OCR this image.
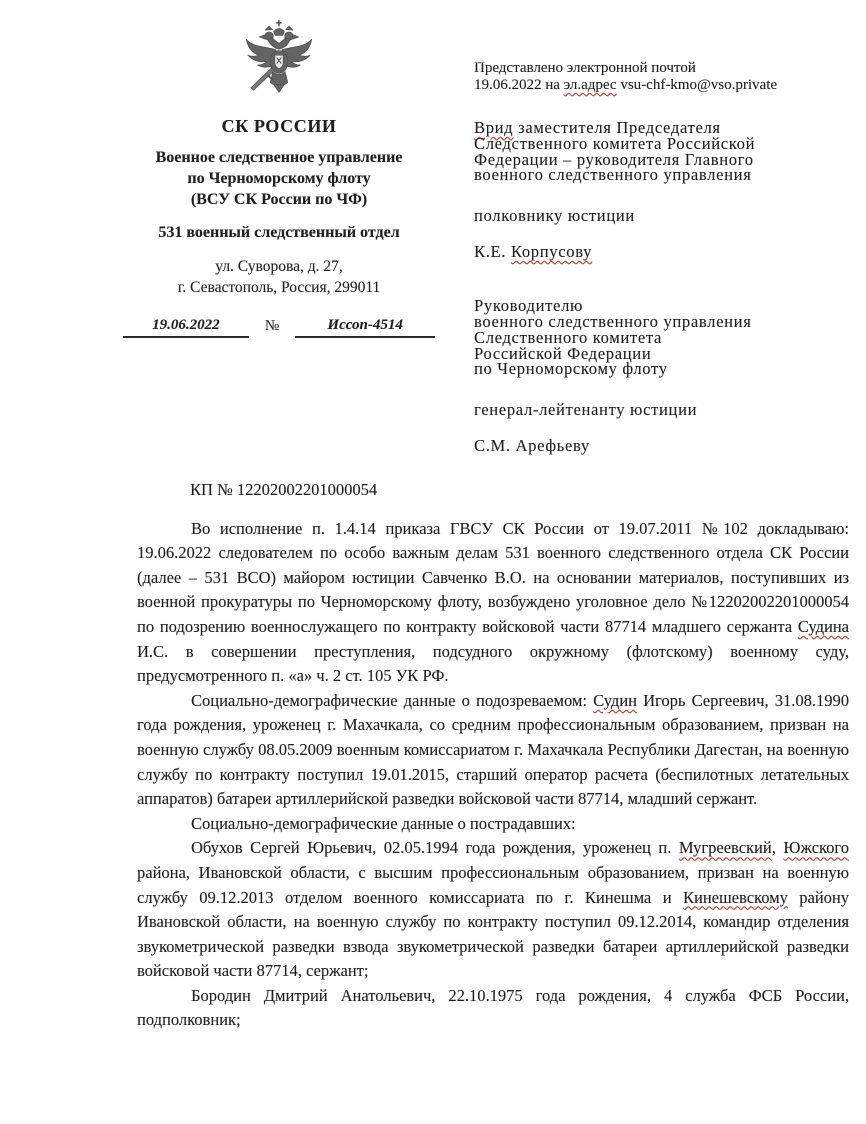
СК РОССИИ
Военное следственное управление
по Черноморскому флоту
(ВСУ СК России по ЧФ)
531 военный следственный отдел
ул. Суворова, д. 27,
г. Севастополь, Россия, 299011
19.06.2022	№	Иссоп-4514
Представлено электронной почтой
19.06.2022 на эл.адрес vsu-chf-kmo@vso.private
Врид заместителя Председателя
Следственного комитета Российской
Федерации – руководителя Главного
военного следственного управления
полковнику юстиции
К.Е. Корпусову
Руководителю
военного следственного управления
Следственного комитета
Российской Федерации
по Черноморскому флоту
генерал-лейтенанту юстиции
С.М. Арефьеву

КП № 12202002201000054

Во исполнение п. 1.4.14 приказа ГВСУ СК России от 19.07.2011 №102 докладываю: 19.06.2022 следователем по особо важным делам 531 военного следственного отдела СК России (далее – 531 ВСО) майором юстиции Савченко В.О. на основании материалов, поступивших из военной прокуратуры по Черноморскому флоту, возбуждено уголовное дело №12202002201000054 по подозрению военнослужащего по контракту войсковой части 87714 младшего сержанта Судина И.С. в совершении преступления, подсудного окружному (флотскому) военному суду, предусмотренного п. «а» ч. 2 ст. 105 УК РФ.

Социально-демографические данные о подозреваемом: Судин Игорь Сергеевич, 31.08.1990 года рождения, уроженец г. Махачкала, со средним профессиональным образованием, призван на военную службу 08.05.2009 военным комиссариатом г. Махачкала Республики Дагестан, на военную службу по контракту поступил 19.01.2015, старший оператор расчета (беспилотных летательных аппаратов) батареи артиллерийской разведки войсковой части 87714, младший сержант.

Социально-демографические данные о пострадавших:

Обухов Сергей Юрьевич, 02.05.1994 года рождения, уроженец п. Мугреевский, Южского района, Ивановской области, с высшим профессиональным образованием, призван на военную службу 09.12.2013 отделом военного комиссариата по г. Кинешма и Кинешевскому району Ивановской области, на военную службу по контракту поступил 09.12.2014, командир отделения звукометрической разведки взвода звукометрической разведки батареи артиллерийской разведки войсковой части 87714, сержант;

Бородин Дмитрий Анатольевич, 22.10.1975 года рождения, 4 служба ФСБ России, подполковник;
